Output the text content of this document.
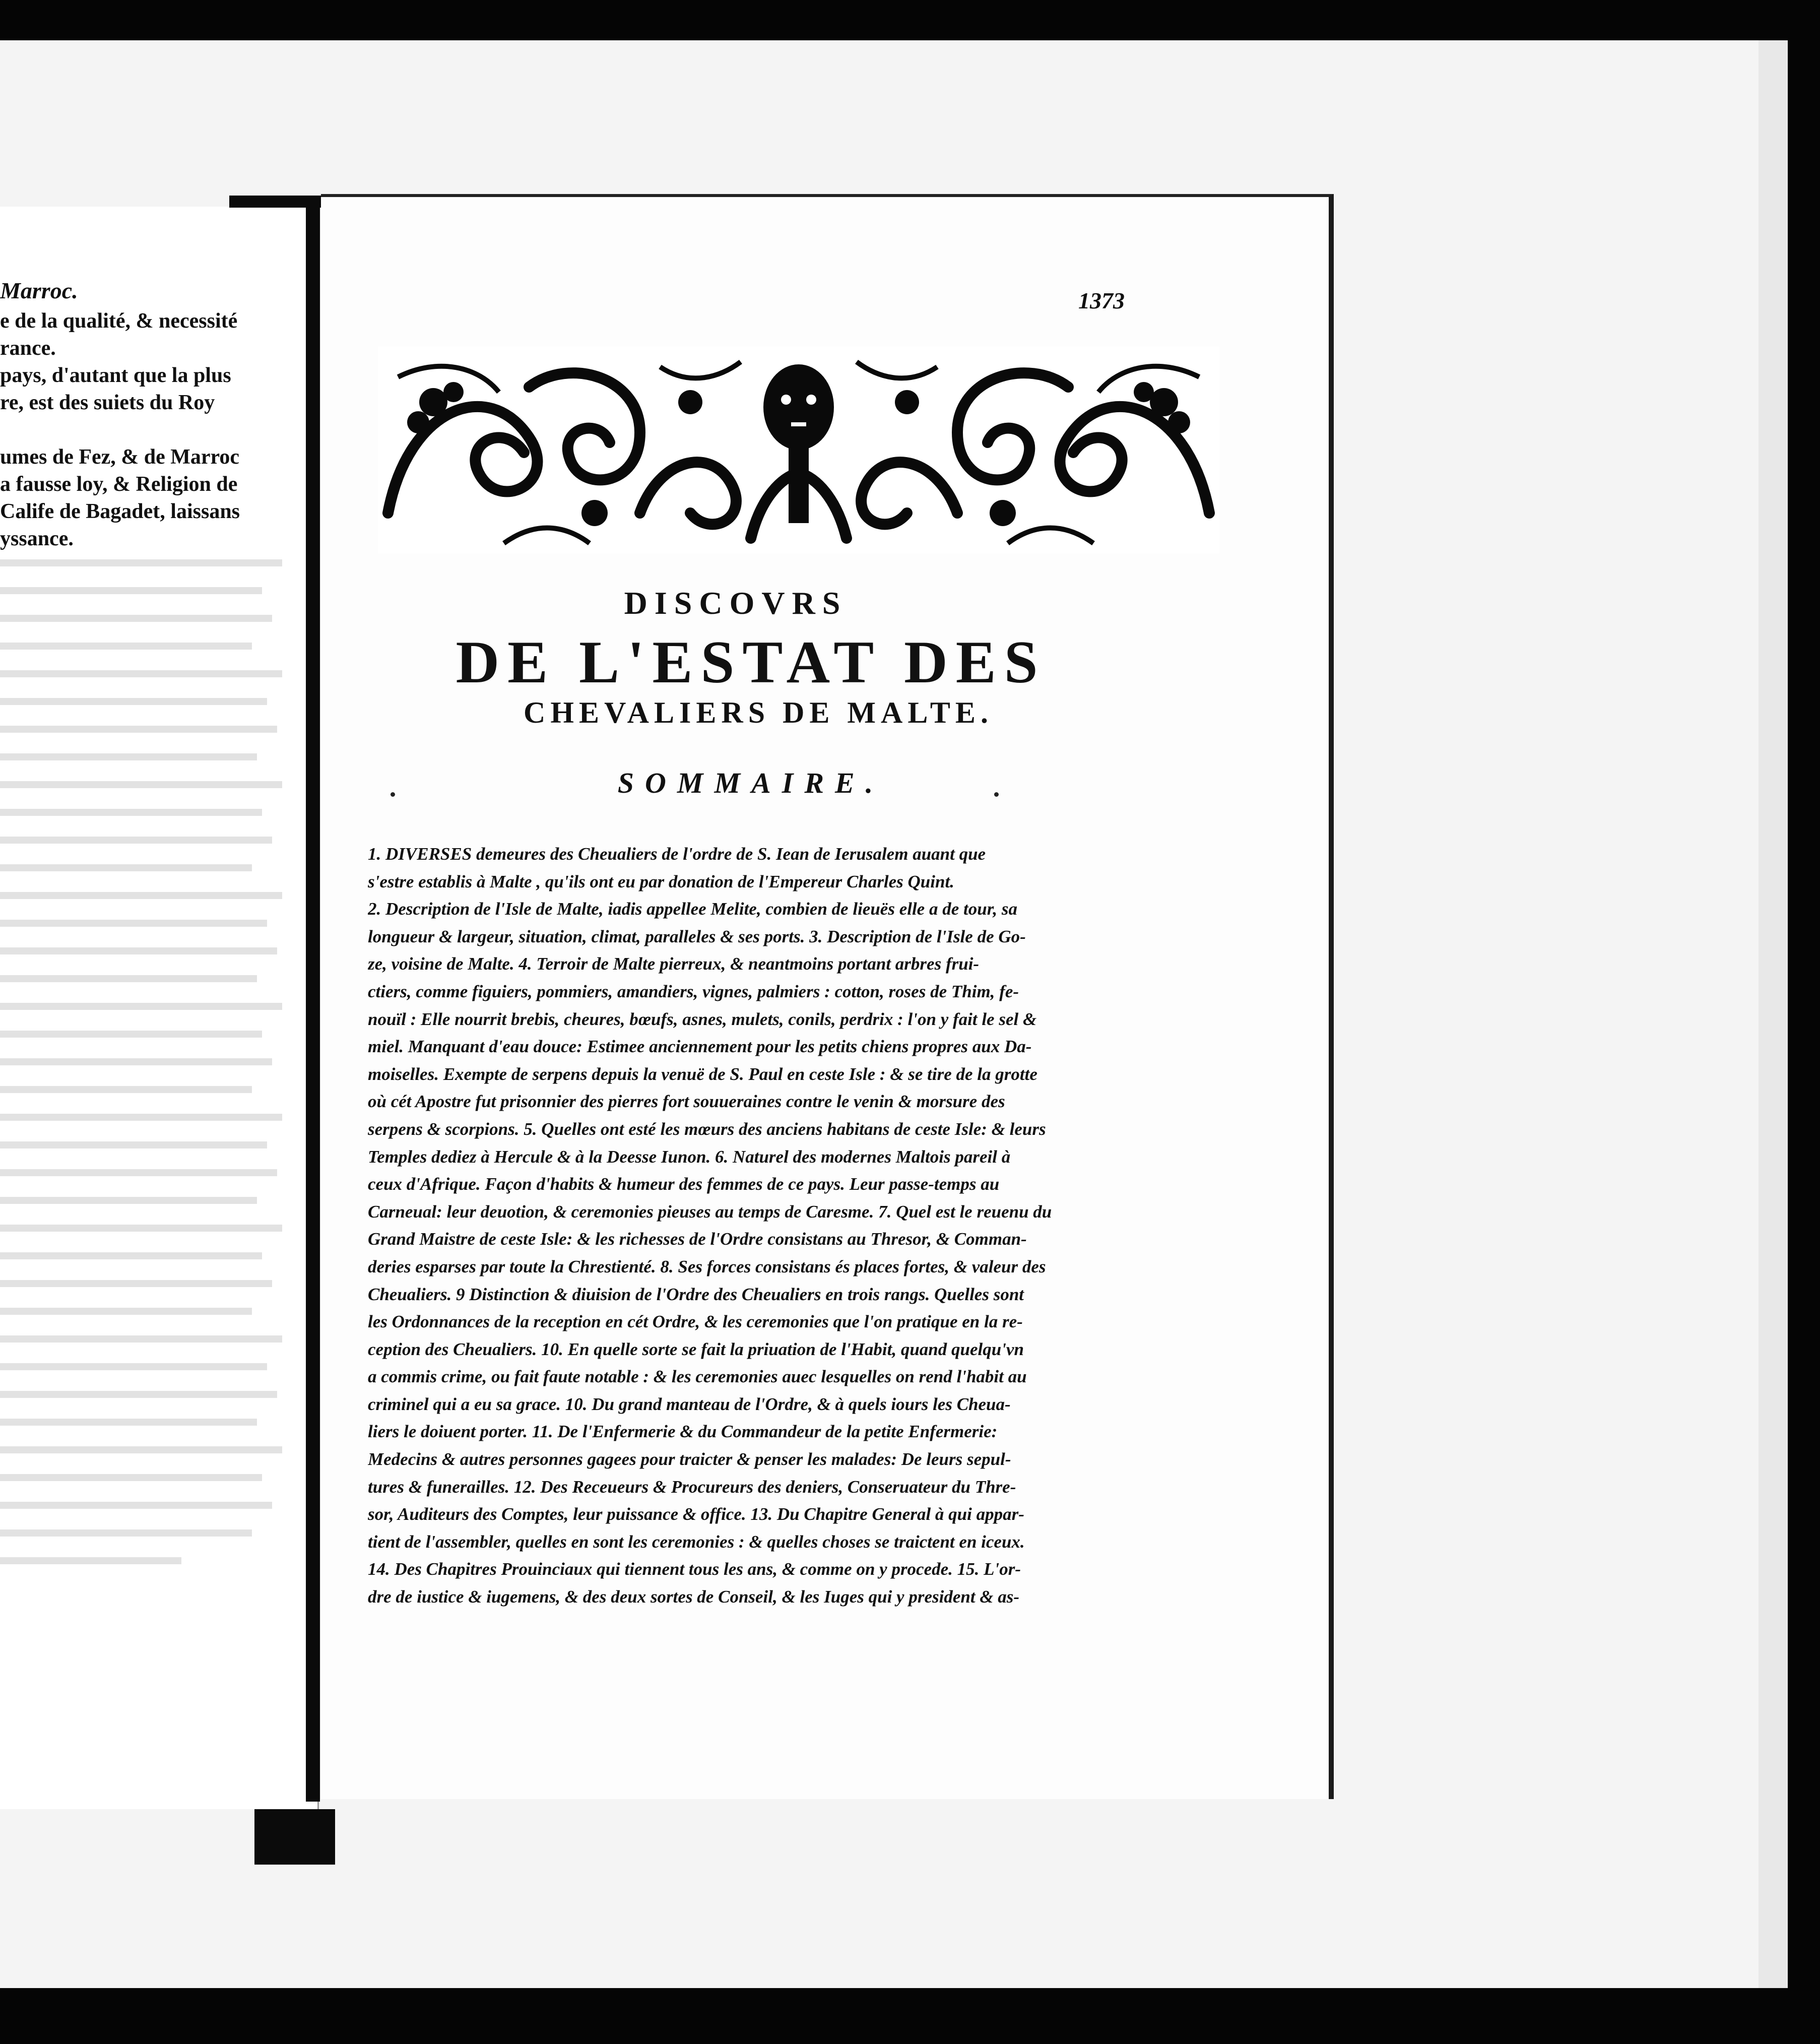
Marroc.
e de la qualité, & necessité
rance.
pays, d'autant que la plus
re, est des suiets du Roy
umes de Fez, & de Marroc
a fausse loy, & Religion de
Calife de Bagadet, laissans
yssance.
1373
DISCOVRS
DE L'ESTAT DES
CHEVALIERS DE MALTE.
SOMMAIRE.
1. DIVERSES demeures des Cheualiers de l'ordre de S. Iean de Ierusalem auant que
s'estre establis à Malte , qu'ils ont eu par donation de l'Empereur Charles Quint.
2. Description de l'Isle de Malte, iadis appellee Melite, combien de lieuës elle a de tour, sa
longueur & largeur, situation, climat, paralleles & ses ports. 3. Description de l'Isle de Go-
ze, voisine de Malte. 4. Terroir de Malte pierreux, & neantmoins portant arbres frui-
ctiers, comme figuiers, pommiers, amandiers, vignes, palmiers : cotton, roses de Thim, fe-
nouïl : Elle nourrit brebis, cheures, bœufs, asnes, mulets, conils, perdrix : l'on y fait le sel &
miel. Manquant d'eau douce: Estimee anciennement pour les petits chiens propres aux Da-
moiselles. Exempte de serpens depuis la venuë de S. Paul en ceste Isle : & se tire de la grotte
où cét Apostre fut prisonnier des pierres fort souueraines contre le venin & morsure des
serpens & scorpions. 5. Quelles ont esté les mœurs des anciens habitans de ceste Isle: & leurs
Temples dediez à Hercule & à la Deesse Iunon. 6. Naturel des modernes Maltois pareil à
ceux d'Afrique. Façon d'habits & humeur des femmes de ce pays. Leur passe-temps au
Carneual: leur deuotion, & ceremonies pieuses au temps de Caresme. 7. Quel est le reuenu du
Grand Maistre de ceste Isle: & les richesses de l'Ordre consistans au Thresor, & Comman-
deries esparses par toute la Chrestienté. 8. Ses forces consistans és places fortes, & valeur des
Cheualiers. 9 Distinction & diuision de l'Ordre des Cheualiers en trois rangs. Quelles sont
les Ordonnances de la reception en cét Ordre, & les ceremonies que l'on pratique en la re-
ception des Cheualiers. 10. En quelle sorte se fait la priuation de l'Habit, quand quelqu'vn
a commis crime, ou fait faute notable : & les ceremonies auec lesquelles on rend l'habit au
criminel qui a eu sa grace. 10. Du grand manteau de l'Ordre, & à quels iours les Cheua-
liers le doiuent porter. 11. De l'Enfermerie & du Commandeur de la petite Enfermerie:
Medecins & autres personnes gagees pour traicter & penser les malades: De leurs sepul-
tures & funerailles. 12. Des Receueurs & Procureurs des deniers, Conseruateur du Thre-
sor, Auditeurs des Comptes, leur puissance & office. 13. Du Chapitre General à qui appar-
tient de l'assembler, quelles en sont les ceremonies : & quelles choses se traictent en iceux.
14. Des Chapitres Prouinciaux qui tiennent tous les ans, & comme on y procede. 15. L'or-
dre de iustice & iugemens, & des deux sortes de Conseil, & les Iuges qui y president & as-
